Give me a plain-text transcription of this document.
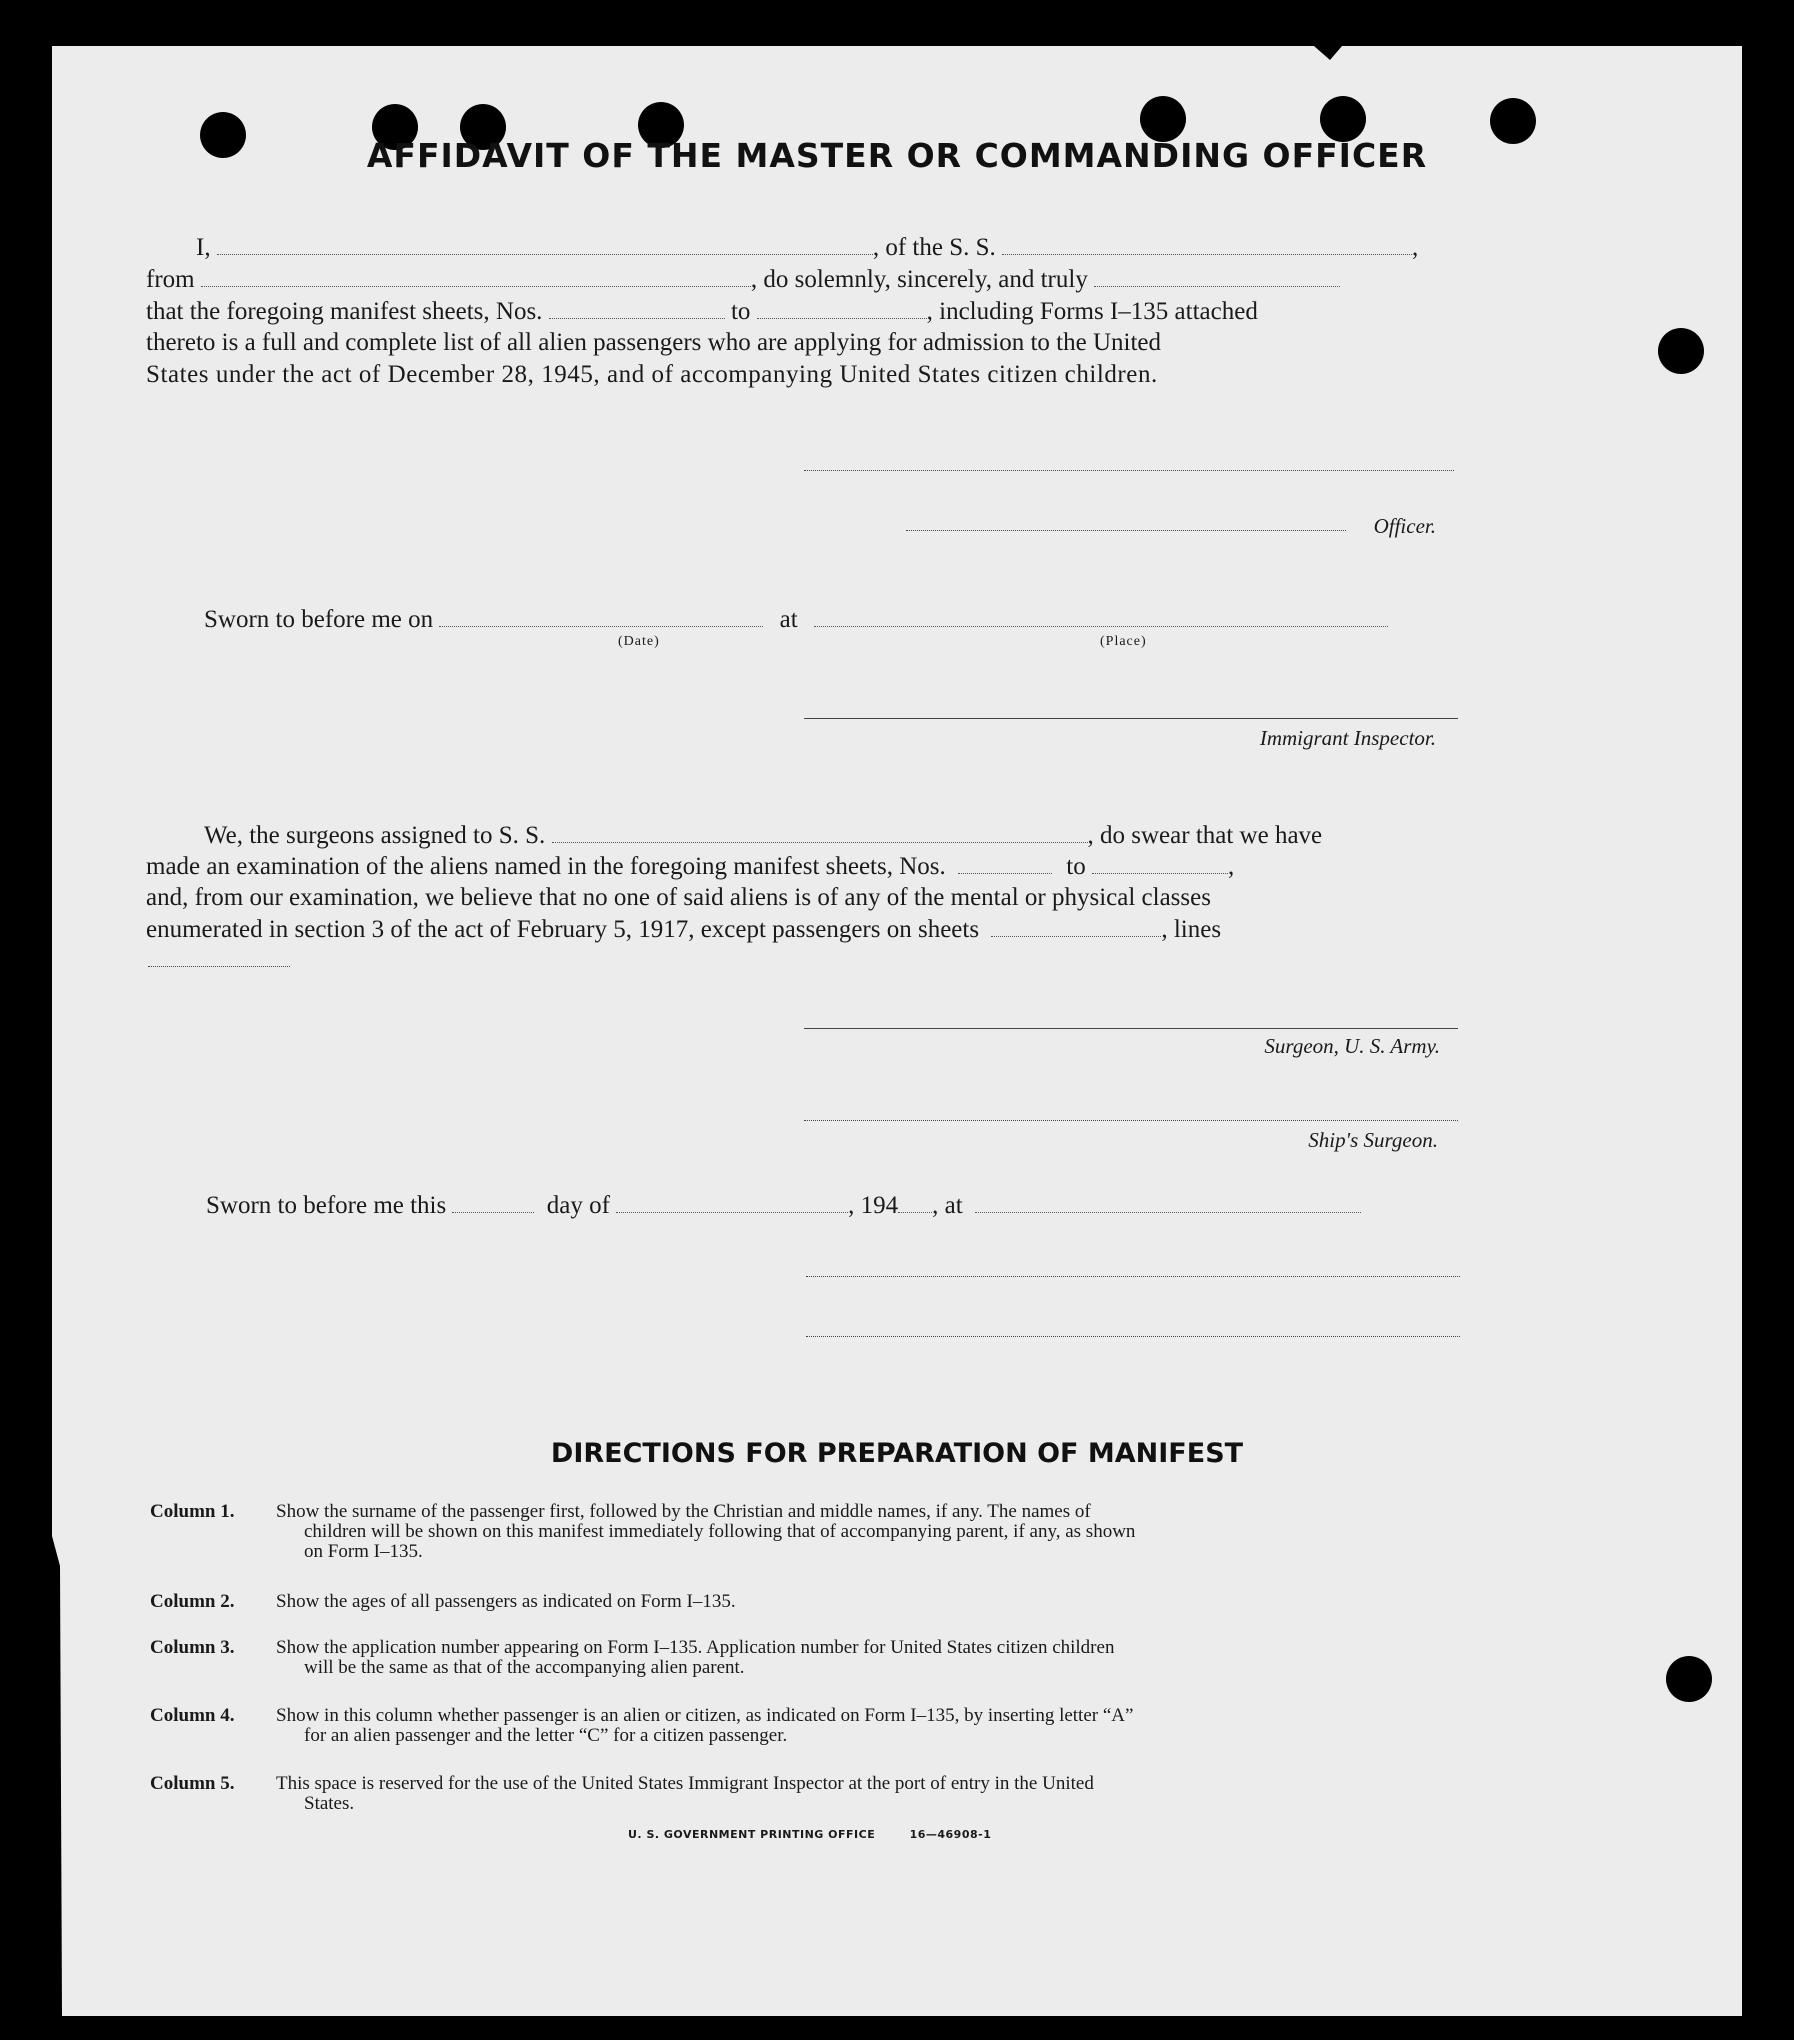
AFFIDAVIT OF THE MASTER OR COMMANDING OFFICER
I,	, of the S. S.	,
from	, do solemnly, sincerely, and truly
that the foregoing manifest sheets, Nos.	to	, including Forms I–135 attached
thereto is a full and complete list of all alien passengers who are applying for admission to the United
States under the act of December 28, 1945, and of accompanying United States citizen children.
Officer.
Sworn to before me on	at
(Date)	(Place)
Immigrant Inspector.
We, the surgeons assigned to S. S.	, do swear that we have
made an examination of the aliens named in the foregoing manifest sheets, Nos.	to	,
and, from our examination, we believe that no one of said aliens is of any of the mental or physical classes
enumerated in section 3 of the act of February 5, 1917, except passengers on sheets	, lines
Surgeon, U. S. Army.
Ship's Surgeon.
Sworn to before me this	day of	, 194 , at
DIRECTIONS FOR PREPARATION OF MANIFEST
Column 1. Show the surname of the passenger first, followed by the Christian and middle names, if any. The names of
children will be shown on this manifest immediately following that of accompanying parent, if any, as shown
on Form I–135.
Column 2. Show the ages of all passengers as indicated on Form I–135.
Column 3. Show the application number appearing on Form I–135. Application number for United States citizen children
will be the same as that of the accompanying alien parent.
Column 4. Show in this column whether passenger is an alien or citizen, as indicated on Form I–135, by inserting letter “A”
for an alien passenger and the letter “C” for a citizen passenger.
Column 5. This space is reserved for the use of the United States Immigrant Inspector at the port of entry in the United
States.
U. S. GOVERNMENT PRINTING OFFICE	16—46908-1
